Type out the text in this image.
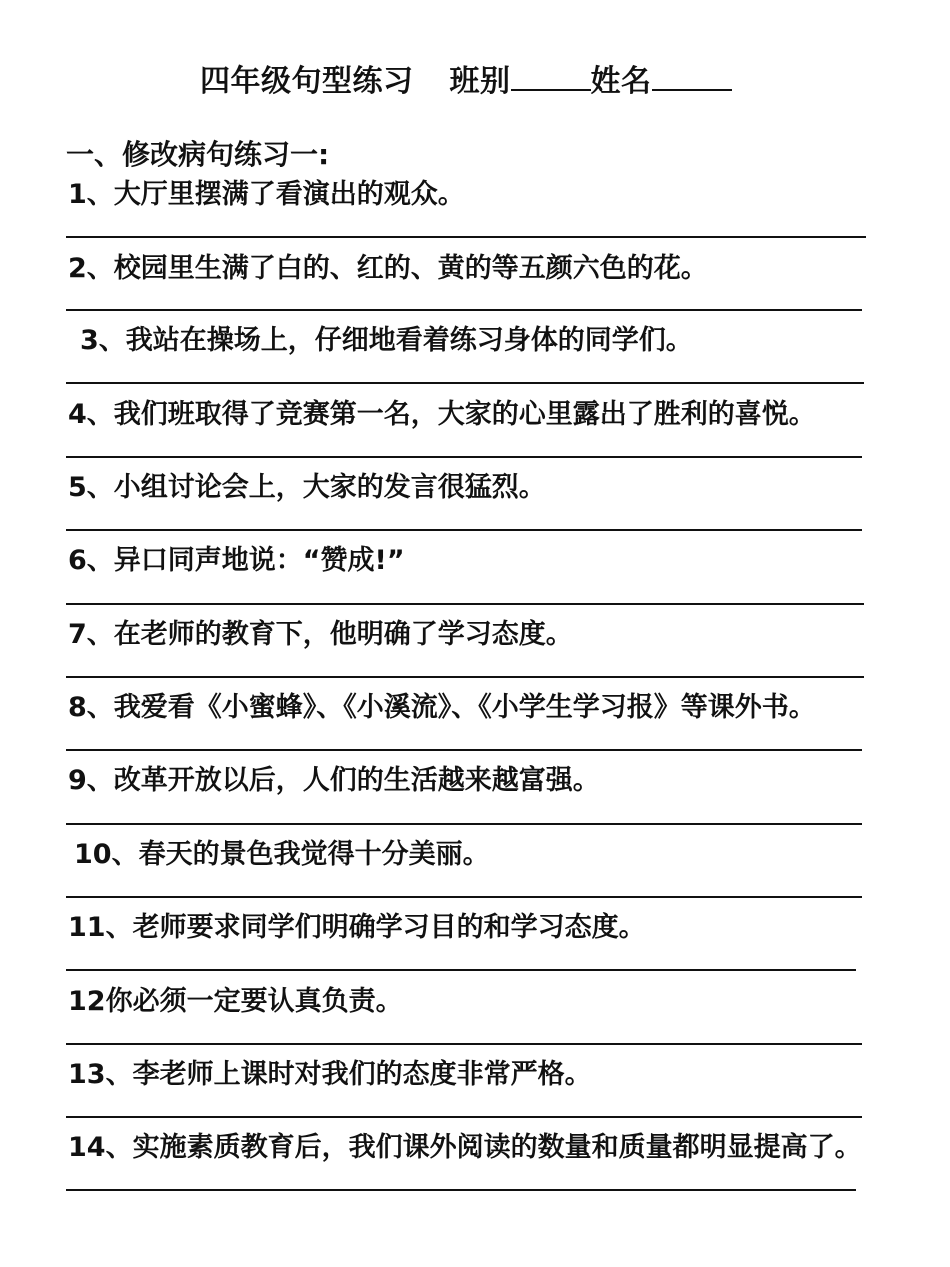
四年级句型练习 班别	姓名
一、修改病句练习一:
1、大厅里摆满了看演出的观众。
2、校园里生满了白的、红的、黄的等五颜六色的花。
3、我站在操场上，仔细地看着练习身体的同学们。
4、我们班取得了竞赛第一名，大家的心里露出了胜利的喜悦。
5、小组讨论会上，大家的发言很猛烈。
6、异口同声地说：“赞成!”
7、在老师的教育下，他明确了学习态度。
8、我爱看《小蜜蜂》、《小溪流》、《小学生学习报》等课外书。
9、改革开放以后，人们的生活越来越富强。
10、春天的景色我觉得十分美丽。
11、老师要求同学们明确学习目的和学习态度。
12你必须一定要认真负责。
13、李老师上课时对我们的态度非常严格。
14、实施素质教育后，我们课外阅读的数量和质量都明显提高了。
